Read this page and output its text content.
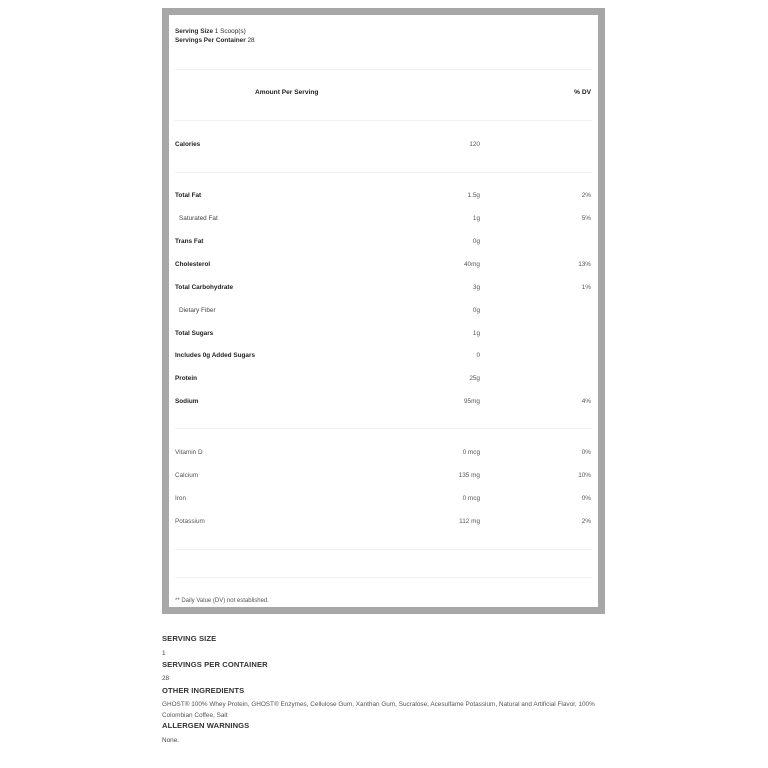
Serving Size 1 Scoop(s)
Servings Per Container 28
Amount Per Serving	% DV
Calories	120
Total Fat	1.5g	2%
Saturated Fat	1g	5%
Trans Fat	0g
Cholesterol	40mg	13%
Total Carbohydrate	3g	1%
Dietary Fiber	0g
Total Sugars	1g
Includes 0g Added Sugars	0
Protein	25g
Sodium	95mg	4%
Vitamin D	0 mcg	0%
Calcium	135 mg	10%
Iron	0 mcg	0%
Potassium	112 mg	2%
** Daily Value (DV) not established.
SERVING SIZE
1
SERVINGS PER CONTAINER
28
OTHER INGREDIENTS
GHOST® 100% Whey Protein, GHOST® Enzymes, Cellulose Gum, Xanthan Gum, Sucralose, Acesulfame Potassium, Natural and Artificial Flavor, 100% Colombian Coffee, Salt
ALLERGEN WARNINGS
None.
